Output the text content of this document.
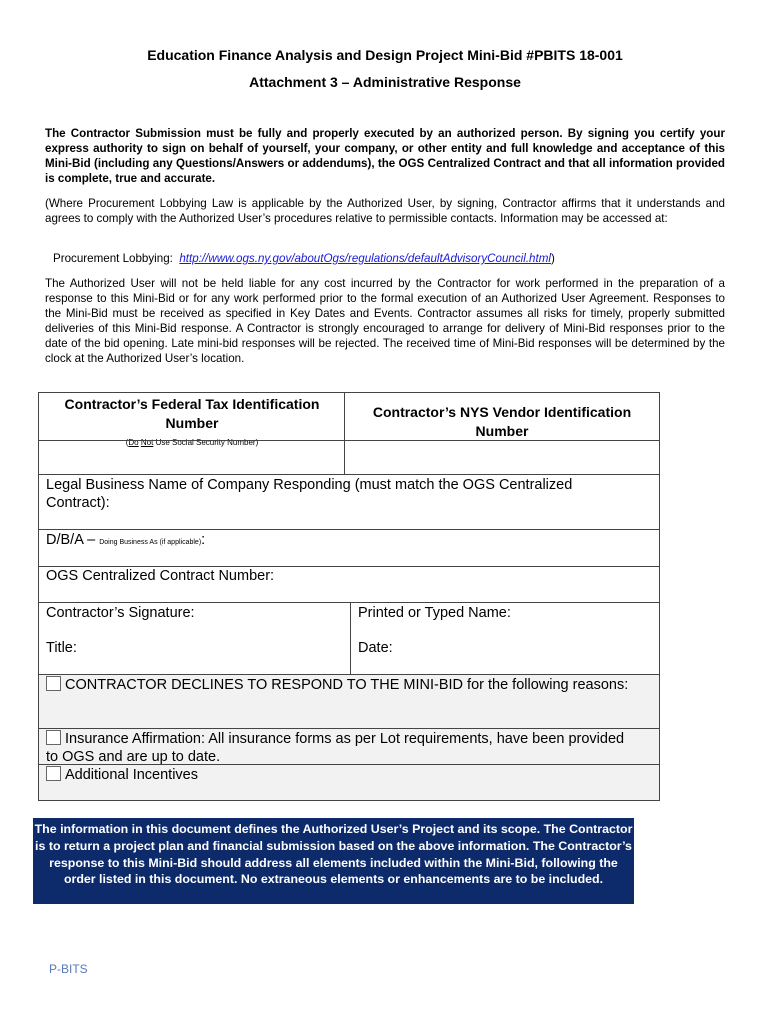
Education Finance Analysis and Design Project Mini-Bid #PBITS 18-001
Attachment 3 – Administrative Response
The Contractor Submission must be fully and properly executed by an authorized person. By signing you certify your express authority to sign on behalf of yourself, your company, or other entity and full knowledge and acceptance of this Mini-Bid (including any Questions/Answers or addendums), the OGS Centralized Contract and that all information provided is complete, true and accurate.
(Where Procurement Lobbying Law is applicable by the Authorized User, by signing, Contractor affirms that it understands and agrees to comply with the Authorized User’s procedures relative to permissible contacts. Information may be accessed at:
Procurement Lobbying: http://www.ogs.ny.gov/aboutOgs/regulations/defaultAdvisoryCouncil.html)
The Authorized User will not be held liable for any cost incurred by the Contractor for work performed in the preparation of a response to this Mini-Bid or for any work performed prior to the formal execution of an Authorized User Agreement. Responses to the Mini-Bid must be received as specified in Key Dates and Events. Contractor assumes all risks for timely, properly submitted deliveries of this Mini-Bid response. A Contractor is strongly encouraged to arrange for delivery of Mini-Bid responses prior to the date of the bid opening. Late mini-bid responses will be rejected. The received time of Mini-Bid responses will be determined by the clock at the Authorized User’s location.
Contractor’s Federal Tax Identification Number
(Do Not Use Social Security Number)
Contractor’s NYS Vendor Identification Number
Legal Business Name of Company Responding (must match the OGS Centralized Contract):
D/B/A – Doing Business As (if applicable):
OGS Centralized Contract Number:
Contractor’s Signature:	Printed or Typed Name:
Title:	Date:
CONTRACTOR DECLINES TO RESPOND TO THE MINI-BID for the following reasons:
Insurance Affirmation: All insurance forms as per Lot requirements, have been provided to OGS and are up to date.
Additional Incentives
The information in this document defines the Authorized User’s Project and its scope. The Contractor is to return a project plan and financial submission based on the above information. The Contractor’s response to this Mini-Bid should address all elements included within the Mini-Bid, following the order listed in this document. No extraneous elements or enhancements are to be included.
P-BITS
